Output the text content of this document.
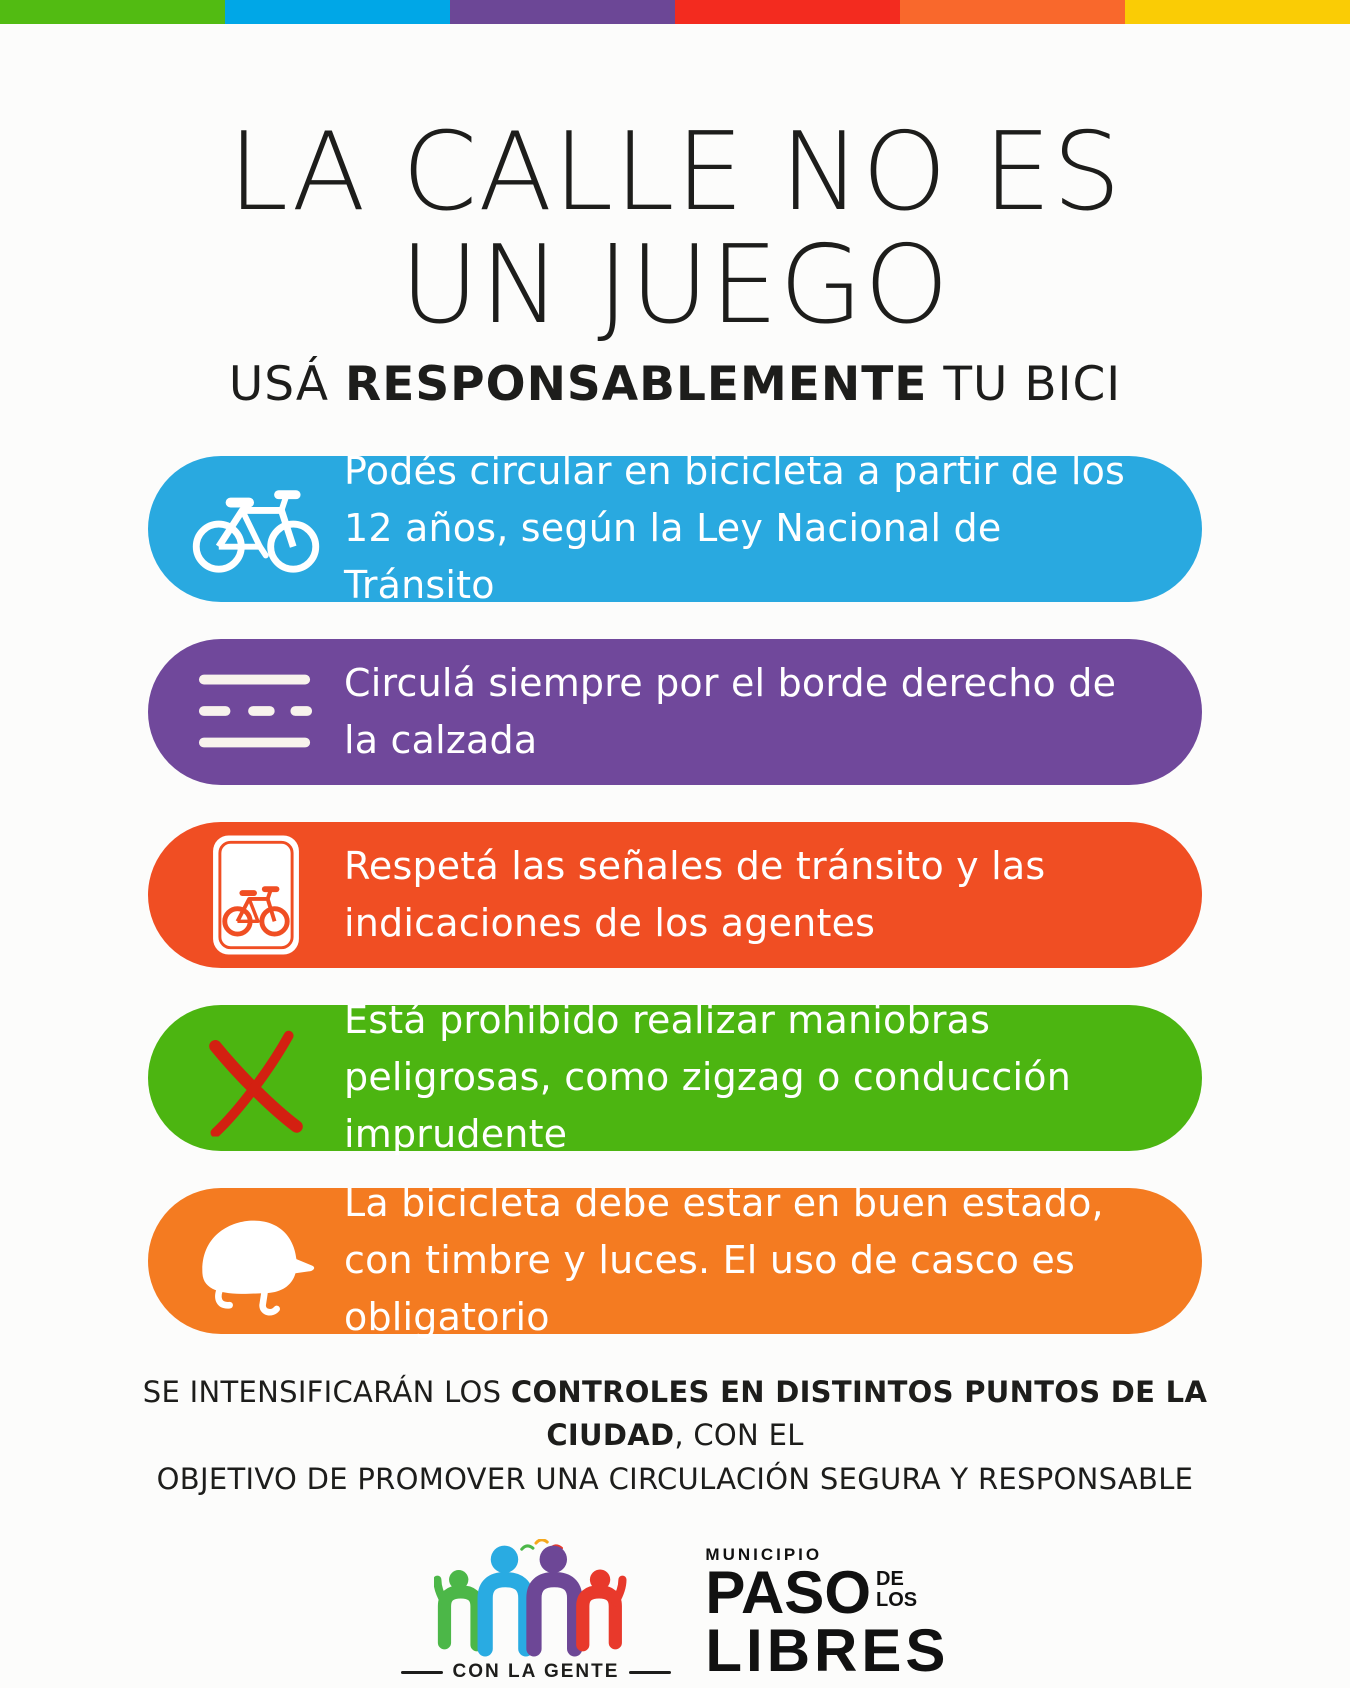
LA CALLE NO ES
UN JUEGO

USÁ RESPONSABLEMENTE TU BICI

Podés circular en bicicleta a partir de los 12 años, según la Ley Nacional de Tránsito

Circulá siempre por el borde derecho de la calzada

Respetá las señales de tránsito y las indicaciones de los agentes

Está prohibido realizar maniobras peligrosas, como zigzag o conducción imprudente

La bicicleta debe estar en buen estado, con timbre y luces. El uso de casco es obligatorio

SE INTENSIFICARÁN LOS CONTROLES EN DISTINTOS PUNTOS DE LA CIUDAD, CON EL
OBJETIVO DE PROMOVER UNA CIRCULACIÓN SEGURA Y RESPONSABLE

CON LA GENTE
MUNICIPIO
PASO DE
LOS
LIBRES
